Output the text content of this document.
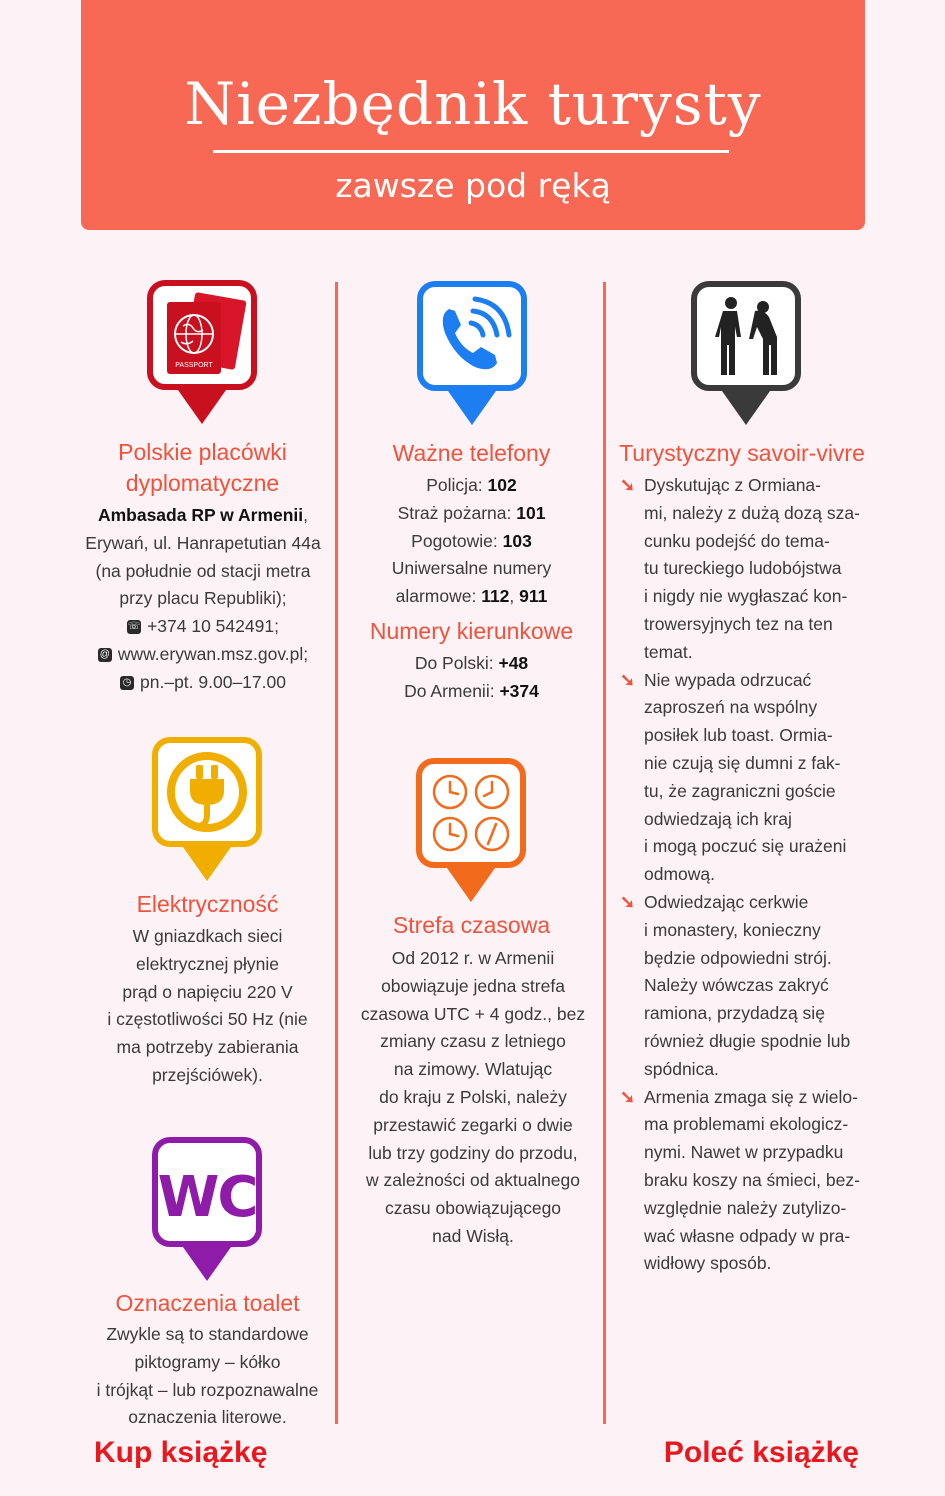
Niezbędnik turysty
zawsze pod ręką
PASSPORT
Polskie placówki
dyplomatyczne
Ambasada RP w Armenii,
Erywań, ul. Hanrapetutian 44a
(na południe od stacji metra
przy placu Republiki);
☏ +374 10 542491;
@ www.erywan.msz.gov.pl;
◷ pn.–pt. 9.00–17.00
Elektryczność
W gniazdkach sieci
elektrycznej płynie
prąd o napięciu 220 V
i częstotliwości 50 Hz (nie
ma potrzeby zabierania
przejściówek).
WC
Oznaczenia toalet
Zwykle są to standardowe
piktogramy – kółko
i trójkąt – lub rozpoznawalne
oznaczenia literowe.
Ważne telefony
Policja: 102
Straż pożarna: 101
Pogotowie: 103
Uniwersalne numery
alarmowe: 112, 911
Numery kierunkowe
Do Polski: +48
Do Armenii: +374
Strefa czasowa
Od 2012 r. w Armenii
obowiązuje jedna strefa
czasowa UTC + 4 godz., bez
zmiany czasu z letniego
na zimowy. Wlatując
do kraju z Polski, należy
przestawić zegarki o dwie
lub trzy godziny do przodu,
w zależności od aktualnego
czasu obowiązującego
nad Wisłą.
Turystyczny savoir-vivre
➘ Dyskutując z Ormiana-
mi, należy z dużą dozą sza-
cunku podejść do tema-
tu tureckiego ludobójstwa
i nigdy nie wygłaszać kon-
trowersyjnych tez na ten
temat.
➘ Nie wypada odrzucać
zaproszeń na wspólny
posiłek lub toast. Ormia-
nie czują się dumni z fak-
tu, że zagraniczni goście
odwiedzają ich kraj
i mogą poczuć się urażeni
odmową.
➘ Odwiedzając cerkwie
i monastery, konieczny
będzie odpowiedni strój.
Należy wówczas zakryć
ramiona, przydadzą się
również długie spodnie lub
spódnica.
➘ Armenia zmaga się z wielo-
ma problemami ekologicz-
nymi. Nawet w przypadku
braku koszy na śmieci, bez-
względnie należy zutylizo-
wać własne odpady w pra-
widłowy sposób.
Kup książkę	Poleć książkę
